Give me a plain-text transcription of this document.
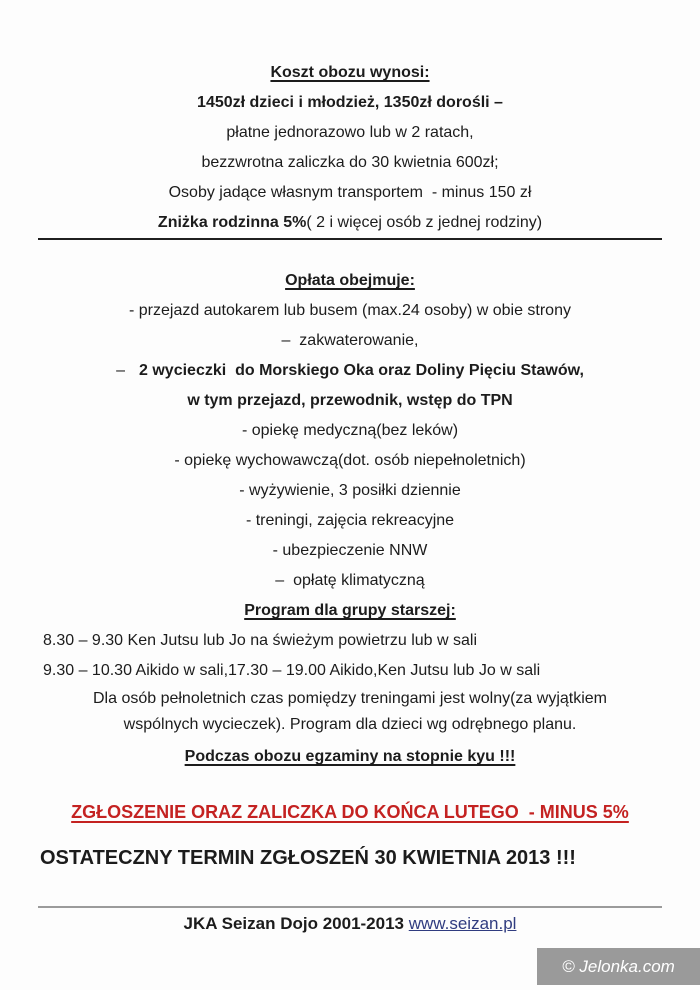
Koszt obozu wynosi:
1450zł dzieci i młodzież, 1350zł dorośli –
płatne jednorazowo lub w 2 ratach,
bezzwrotna zaliczka do 30 kwietnia 600zł;
Osoby jadące własnym transportem  - minus 150 zł
Zniżka rodzinna 5%( 2 i więcej osób z jednej rodziny)
Opłata obejmuje:
- przejazd autokarem lub busem (max.24 osoby) w obie strony
–  zakwaterowanie,
– 2 wycieczki  do Morskiego Oka oraz Doliny Pięciu Stawów,
w tym przejazd, przewodnik, wstęp do TPN
- opiekę medyczną(bez leków)
- opiekę wychowawczą(dot. osób niepełnoletnich)
- wyżywienie, 3 posiłki dziennie
- treningi, zajęcia rekreacyjne
- ubezpieczenie NNW
–  opłatę klimatyczną
Program dla grupy starszej:
8.30 – 9.30 Ken Jutsu lub Jo na świeżym powietrzu lub w sali
9.30 – 10.30 Aikido w sali,17.30 – 19.00 Aikido,Ken Jutsu lub Jo w sali
Dla osób pełnoletnich czas pomiędzy treningami jest wolny(za wyjątkiem
wspólnych wycieczek). Program dla dzieci wg odrębnego planu.
Podczas obozu egzaminy na stopnie kyu !!!
ZGŁOSZENIE ORAZ ZALICZKA DO KOŃCA LUTEGO  - MINUS 5%
OSTATECZNY TERMIN ZGŁOSZEŃ 30 KWIETNIA 2013 !!!
JKA Seizan Dojo 2001-2013 www.seizan.pl
© Jelonka.com
